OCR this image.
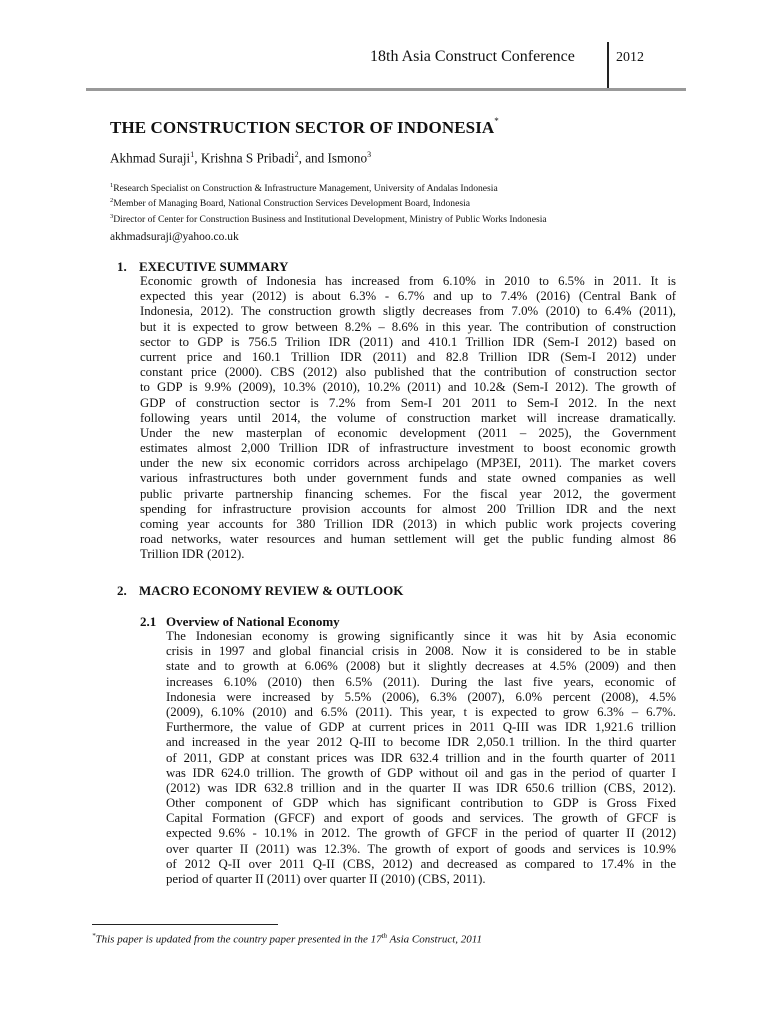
18th Asia Construct Conference	2012
THE CONSTRUCTION SECTOR OF INDONESIA*
Akhmad Suraji$^1$, Krishna S Pribadi$^2$, and Ismono$^3$
$^1$Research Specialist on Construction & Infrastructure Management, University of Andalas Indonesia
$^2$Member of Managing Board, National Construction Services Development Board, Indonesia
$^3$Director of Center for Construction Business and Institutional Development, Ministry of Public Works Indonesia
akhmadsuraji@yahoo.co.uk
1. EXECUTIVE SUMMARY
Economic growth of Indonesia has increased from 6.10% in 2010 to 6.5% in 2011. It is
expected this year (2012) is about 6.3% - 6.7% and up to 7.4% (2016) (Central Bank of
Indonesia, 2012). The construction growth sligtly decreases from 7.0% (2010) to 6.4% (2011),
but it is expected to grow between 8.2% – 8.6% in this year. The contribution of construction
sector to GDP is 756.5 Trilion IDR (2011) and 410.1 Trillion IDR (Sem-I 2012) based on
current price and 160.1 Trillion IDR (2011) and 82.8 Trillion IDR (Sem-I 2012) under
constant price (2000). CBS (2012) also published that the contribution of construction sector
to GDP is 9.9% (2009), 10.3% (2010), 10.2% (2011) and 10.2& (Sem-I 2012). The growth of
GDP of construction sector is 7.2% from Sem-I 201 2011 to Sem-I 2012. In the next
following years until 2014, the volume of construction market will increase dramatically.
Under the new masterplan of economic development (2011 – 2025), the Government
estimates almost 2,000 Trillion IDR of infrastructure investment to boost economic growth
under the new six economic corridors across archipelago (MP3EI, 2011). The market covers
various infrastructures both under government funds and state owned companies as well
public privarte partnership financing schemes. For the fiscal year 2012, the goverment
spending for infrastructure provision accounts for almost 200 Trillion IDR and the next
coming year accounts for 380 Trillion IDR (2013) in which public work projects covering
road networks, water resources and human settlement will get the public funding almost 86
Trillion IDR (2012).
2. MACRO ECONOMY REVIEW & OUTLOOK
2.1 Overview of National Economy
The Indonesian economy is growing significantly since it was hit by Asia economic
crisis in 1997 and global financial crisis in 2008. Now it is considered to be in stable
state and to growth at 6.06% (2008) but it slightly decreases at 4.5% (2009) and then
increases 6.10% (2010) then 6.5% (2011). During the last five years, economic of
Indonesia were increased by 5.5% (2006), 6.3% (2007), 6.0% percent (2008), 4.5%
(2009), 6.10% (2010) and 6.5% (2011). This year, t is expected to grow 6.3% – 6.7%.
Furthermore, the value of GDP at current prices in 2011 Q-III was IDR 1,921.6 trillion
and increased in the year 2012 Q-III to become IDR 2,050.1 trillion. In the third quarter
of 2011, GDP at constant prices was IDR 632.4 trillion and in the fourth quarter of 2011
was IDR 624.0 trillion. The growth of GDP without oil and gas in the period of quarter I
(2012) was IDR 632.8 trillion and in the quarter II was IDR 650.6 trillion (CBS, 2012).
Other component of GDP which has significant contribution to GDP is Gross Fixed
Capital Formation (GFCF) and export of goods and services. The growth of GFCF is
expected 9.6% - 10.1% in 2012. The growth of GFCF in the period of quarter II (2012)
over quarter II (2011) was 12.3%. The growth of export of goods and services is 10.9%
of 2012 Q-II over 2011 Q-II (CBS, 2012) and decreased as compared to 17.4% in the
period of quarter II (2011) over quarter II (2010) (CBS, 2011).
*This paper is updated from the country paper presented in the 17th Asia Construct, 2011
